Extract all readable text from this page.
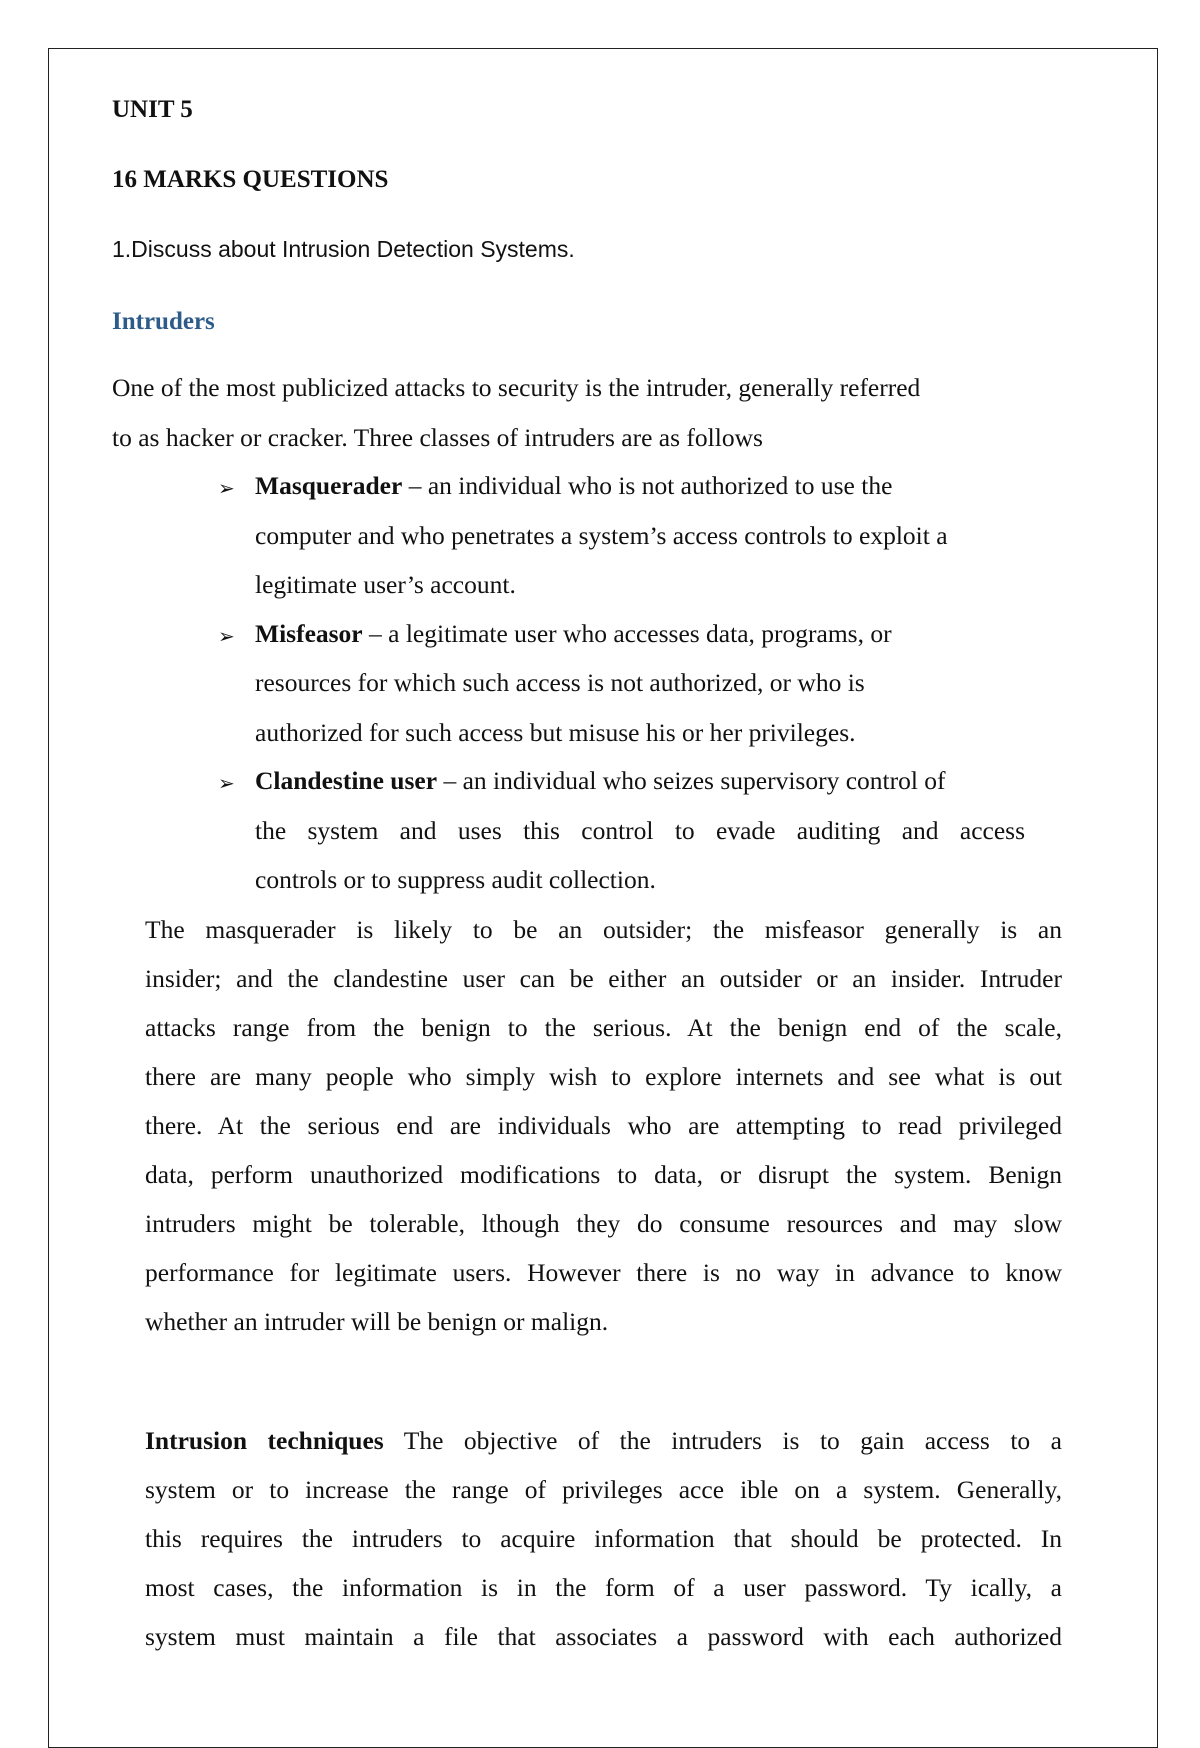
UNIT 5
16 MARKS QUESTIONS
1.Discuss about Intrusion Detection Systems.
Intruders
One of the most publicized attacks to security is the intruder, generally referred
to as hacker or cracker. Three classes of intruders are as follows
➢ Masquerader – an individual who is not authorized to use the
computer and who penetrates a system’s access controls to exploit a
legitimate user’s account.
➢ Misfeasor – a legitimate user who accesses data, programs, or
resources for which such access is not authorized, or who is
authorized for such access but misuse his or her privileges.
➢ Clandestine user – an individual who seizes supervisory control of
the system and uses this control to evade auditing and access
controls or to suppress audit collection.
The masquerader is likely to be an outsider; the misfeasor generally is an
insider; and the clandestine user can be either an outsider or an insider. Intruder
attacks range from the benign to the serious. At the benign end of the scale,
there are many people who simply wish to explore internets and see what is out
there. At the serious end are individuals who are attempting to read privileged
data, perform unauthorized modifications to data, or disrupt the system. Benign
intruders might be tolerable, lthough they do consume resources and may slow
performance for legitimate users. However there is no way in advance to know
whether an intruder will be benign or malign.
Intrusion techniques The objective of the intruders is to gain access to a
system or to increase the range of privileges acce ible on a system. Generally,
this requires the intruders to acquire information that should be protected. In
most cases, the information is in the form of a user password. Ty ically, a
system must maintain a file that associates a password with each authorized
